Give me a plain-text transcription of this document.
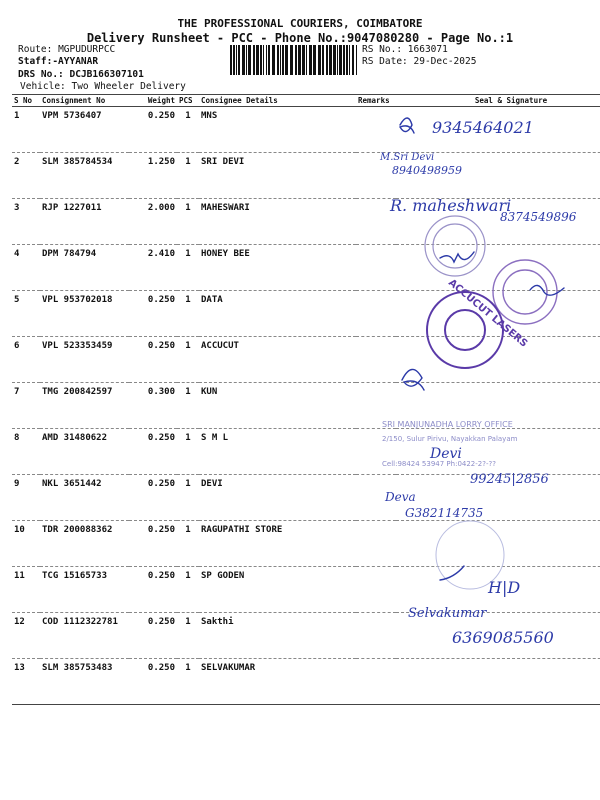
THE PROFESSIONAL COURIERS, COIMBATORE
Delivery Runsheet - PCC - Phone No.:9047080280 - Page No.:1
Route: MGPUDURPCC
Staff:-AYYANAR
DRS No.: DCJB166307101
Vehicle: Two Wheeler Delivery
RS No.: 1663071
RS Date: 29-Dec-2025
S No	Consignment No	Weight	PCS	Consignee Details	Remarks	Seal & Signature
1	VPM 5736407	0.250	1	MNS		
2	SLM 385784534	1.250	1	SRI DEVI		
3	RJP 1227011	2.000	1	MAHESWARI		
4	DPM 784794	2.410	1	HONEY BEE		
5	VPL 953702018	0.250	1	DATA		
6	VPL 523353459	0.250	1	ACCUCUT		
7	TMG 200842597	0.300	1	KUN		
8	AMD 31480622	0.250	1	S M L		
9	NKL 3651442	0.250	1	DEVI		
10	TDR 200088362	0.250	1	RAGUPATHI STORE		
11	TCG 15165733	0.250	1	SP GODEN		
12	COD 1112322781	0.250	1	Sakthi		
13	SLM 385753483	0.250	1	SELVAKUMAR		
9345464021
M.Sri Devi
8940498959
R. maheshwari
8374549896
ACCUCUT LASERS
SRI MANJUNADHA LORRY OFFICE
2/150, Sulur Pirivu, Nayakkan Palayam
Cell:98424 53947 Ph:0422-2?-??
Devi
99245|2856
Deva
G382114735
H|D
Selvakumar
6369085560
